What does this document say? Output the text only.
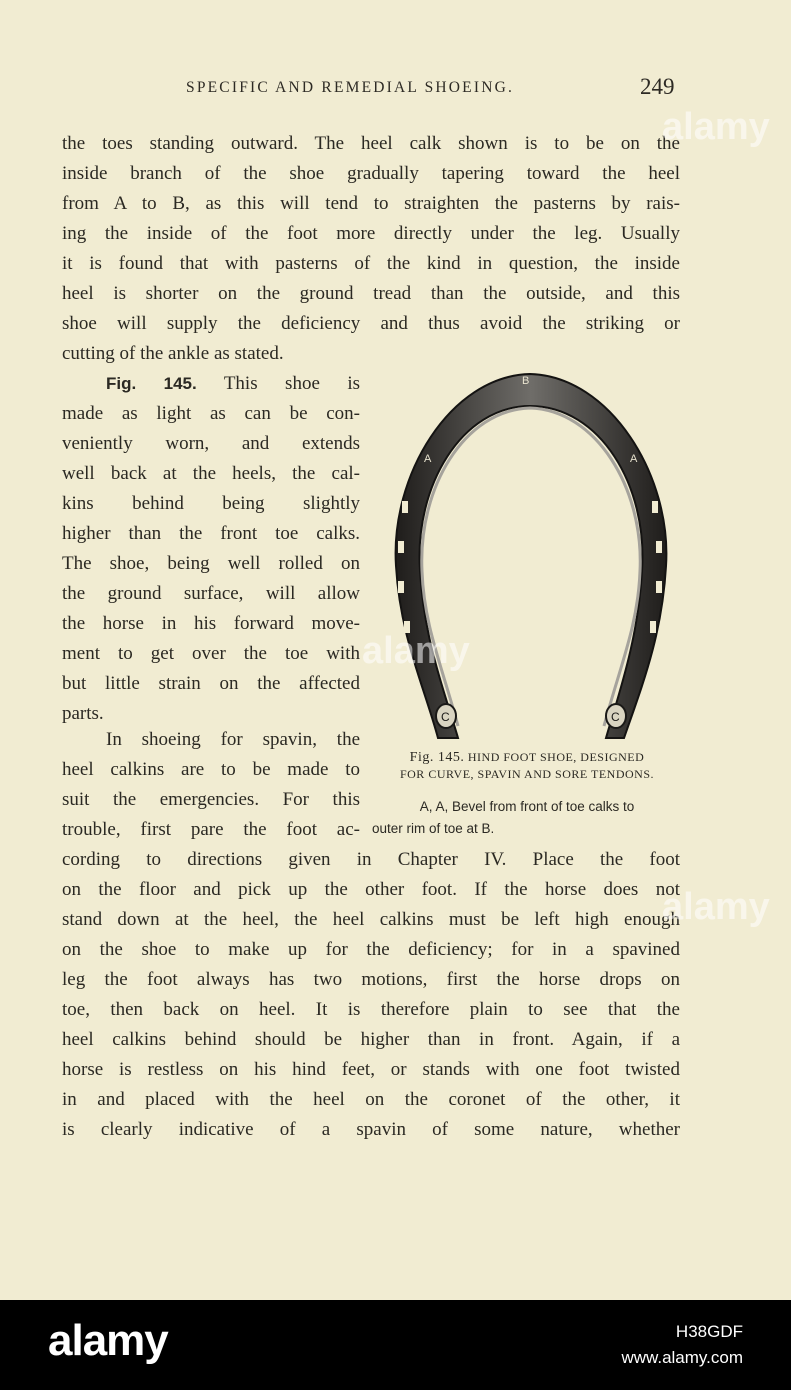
SPECIFIC AND REMEDIAL SHOEING.	249
the toes standing outward. The heel calk shown is to be on the
inside branch of the shoe gradually tapering toward the heel
from A to B, as this will tend to straighten the pasterns by rais-
ing the inside of the foot more directly under the leg. Usually
it is found that with pasterns of the kind in question, the inside
heel is shorter on the ground tread than the outside, and this
shoe will supply the deficiency and thus avoid the striking or
cutting of the ankle as stated.
Fig. 145. This shoe is
made as light as can be con-
veniently worn, and extends
well back at the heels, the cal-
kins behind being slightly
higher than the front toe calks.
The shoe, being well rolled on
the ground surface, will allow
the horse in his forward move-
ment to get over the toe with
but little strain on the affected
parts.
In shoeing for spavin, the
heel calkins are to be made to
suit the emergencies. For this
trouble, first pare the foot ac-
cording to directions given in Chapter IV. Place the foot
on the floor and pick up the other foot. If the horse does not
stand down at the heel, the heel calkins must be left high enough
on the shoe to make up for the deficiency; for in a spavined
leg the foot always has two motions, first the horse drops on
toe, then back on heel. It is therefore plain to see that the
heel calkins behind should be higher than in front. Again, if a
horse is restless on his hind feet, or stands with one foot twisted
in and placed with the heel on the coronet of the other, it
is clearly indicative of a spavin of some nature, whether
C	C
A	A
B
Fig. 145. HIND FOOT SHOE, DESIGNED
FOR CURVE, SPAVIN AND SORE TENDONS.
A, A, Bevel from front of toe calks to
outer rim of toe at B.
alamy
alamy
alamy
alamy	H38GDF
www.alamy.com
